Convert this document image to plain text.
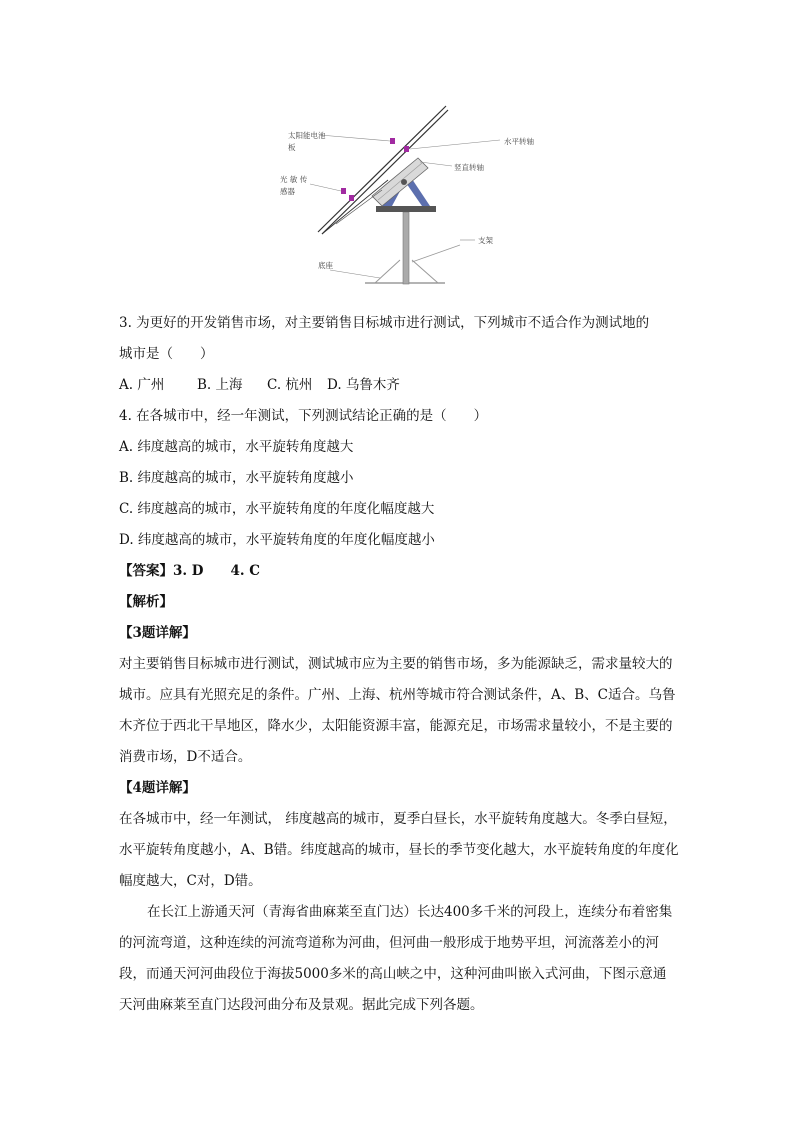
太阳能电池
板
水平转轴
光 敏 传
感器
竖直转轴
支架
底座
3. 为更好的开发销售市场，对主要销售目标城市进行测试，下列城市不适合作为测试地的
城市是（　　）
A. 广州 B. 上海 C. 杭州 D. 乌鲁木齐
4. 在各城市中，经一年测试，下列测试结论正确的是（　　）
A. 纬度越高的城市，水平旋转角度越大
B. 纬度越高的城市，水平旋转角度越小
C. 纬度越高的城市，水平旋转角度的年度化幅度越大
D. 纬度越高的城市，水平旋转角度的年度化幅度越小
【答案】3. D　　4. C
【解析】
【3题详解】
对主要销售目标城市进行测试，测试城市应为主要的销售市场，多为能源缺乏，需求量较大的城市。应具有光照充足的条件。广州、上海、杭州等城市符合测试条件，A、B、C适合。乌鲁木齐位于西北干旱地区，降水少，太阳能资源丰富，能源充足，市场需求量较小，不是主要的消费市场，D不适合。
【4题详解】
在各城市中，经一年测试， 纬度越高的城市，夏季白昼长，水平旋转角度越大。冬季白昼短，水平旋转角度越小，A、B错。纬度越高的城市，昼长的季节变化越大，水平旋转角度的年度化幅度越大，C对，D错。
在长江上游通天河（青海省曲麻莱至直门达）长达400多千米的河段上，连续分布着密集的河流弯道，这种连续的河流弯道称为河曲，但河曲一般形成于地势平坦，河流落差小的河段，而通天河河曲段位于海拔5000多米的高山峡之中，这种河曲叫嵌入式河曲，下图示意通天河曲麻莱至直门达段河曲分布及景观。据此完成下列各题。
